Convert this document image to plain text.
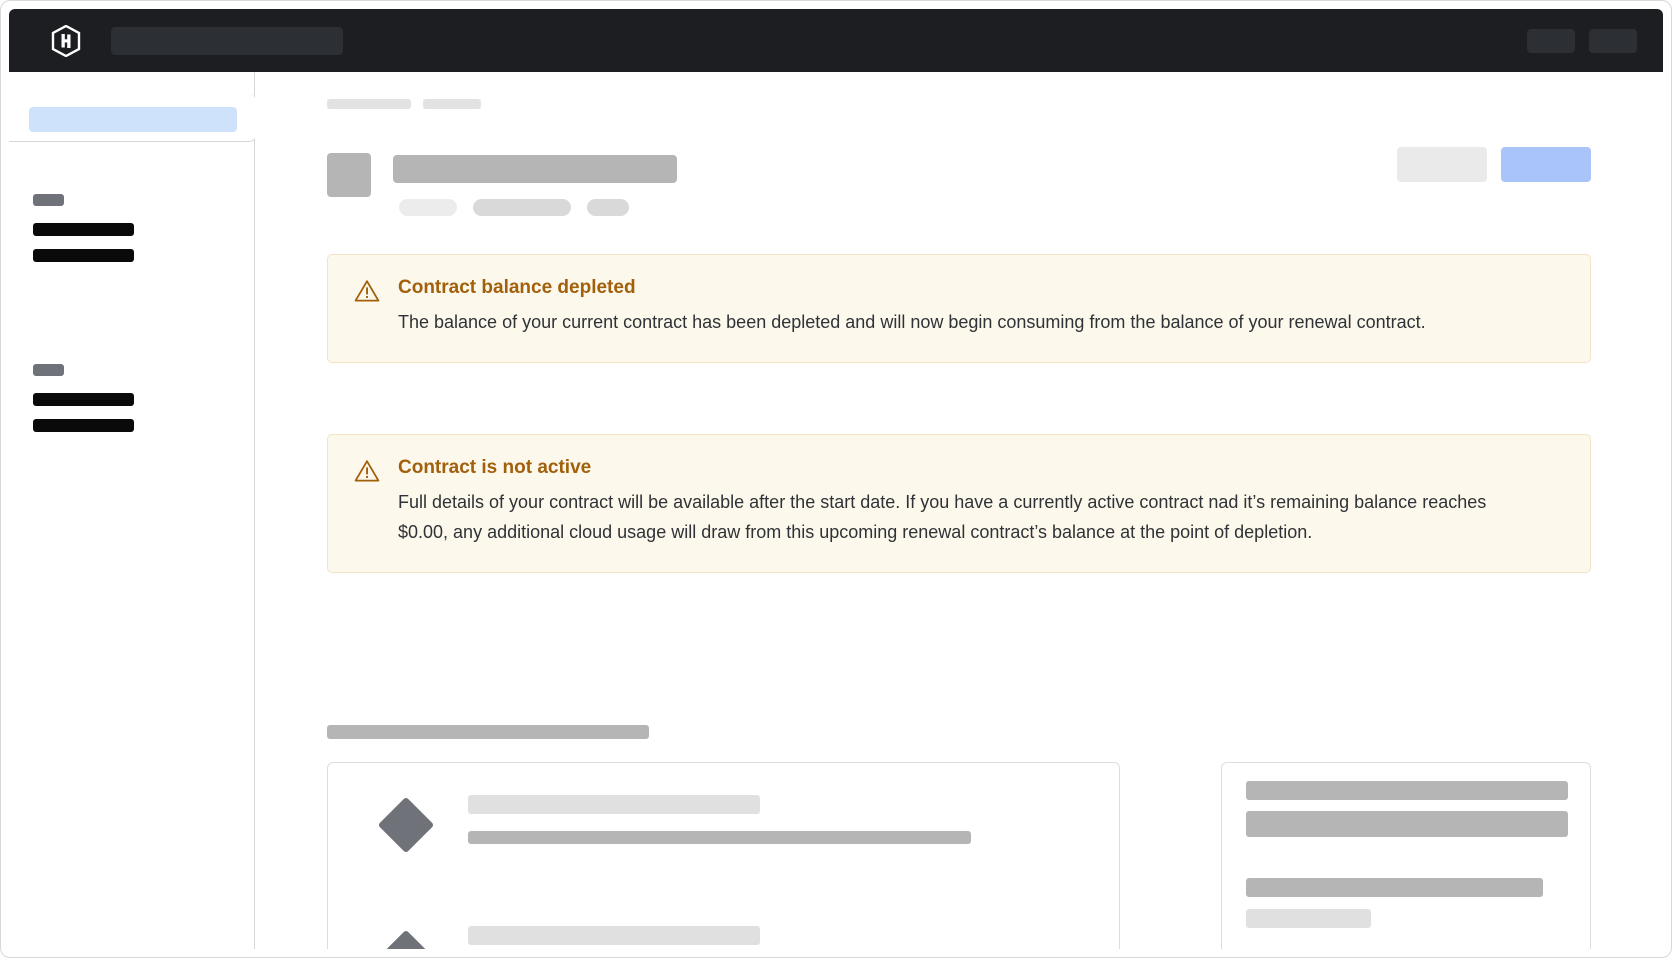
Contract balance depleted

The balance of your current contract has been depleted and will now begin consuming from the balance of your renewal contract.

Contract is not active

Full details of your contract will be available after the start date. If you have a currently active contract nad it’s remaining balance reaches $0.00, any additional cloud usage will draw from this upcoming renewal contract’s balance at the point of depletion.
